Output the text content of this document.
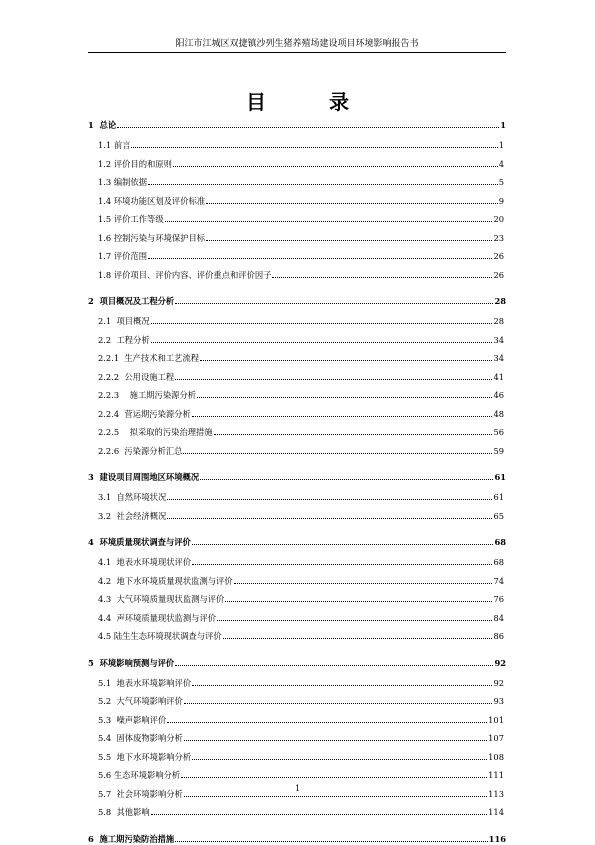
阳江市江城区双捷镇沙列生猪养殖场建设项目环境影响报告书
目 录
1  总论	1
1.1 前言	1
1.2 评价目的和原则	4
1.3 编制依据	5
1.4 环境功能区划及评价标准	9
1.5 评价工作等级	20
1.6 控制污染与环境保护目标	23
1.7 评价范围	26
1.8 评价项目、评价内容、评价重点和评价因子	26
2  项目概况及工程分析	28
2.1  项目概况	28
2.2  工程分析	34
2.2.1  生产技术和工艺流程	34
2.2.2  公用设施工程	41
2.2.3    施工期污染源分析	46
2.2.4  营运期污染源分析	48
2.2.5    拟采取的污染治理措施	56
2.2.6  污染源分析汇总	59
3  建设项目周围地区环境概况	61
3.1  自然环境状况	61
3.2  社会经济概况	65
4  环境质量现状调查与评价	68
4.1  地表水环境现状评价	68
4.2  地下水环境质量现状监测与评价	74
4.3  大气环境质量现状监测与评价	76
4.4  声环境质量现状监测与评价	84
4.5 陆生生态环境现状调查与评价	86
5  环境影响预测与评价	92
5.1  地表水环境影响评价	92
5.2  大气环境影响评价	93
5.3  噪声影响评价	101
5.4  固体废物影响分析	107
5.5  地下水环境影响分析	108
5.6 生态环境影响分析	111
5.7  社会环境影响分析	113
5.8  其他影响	114
6  施工期污染防治措施	116
1
